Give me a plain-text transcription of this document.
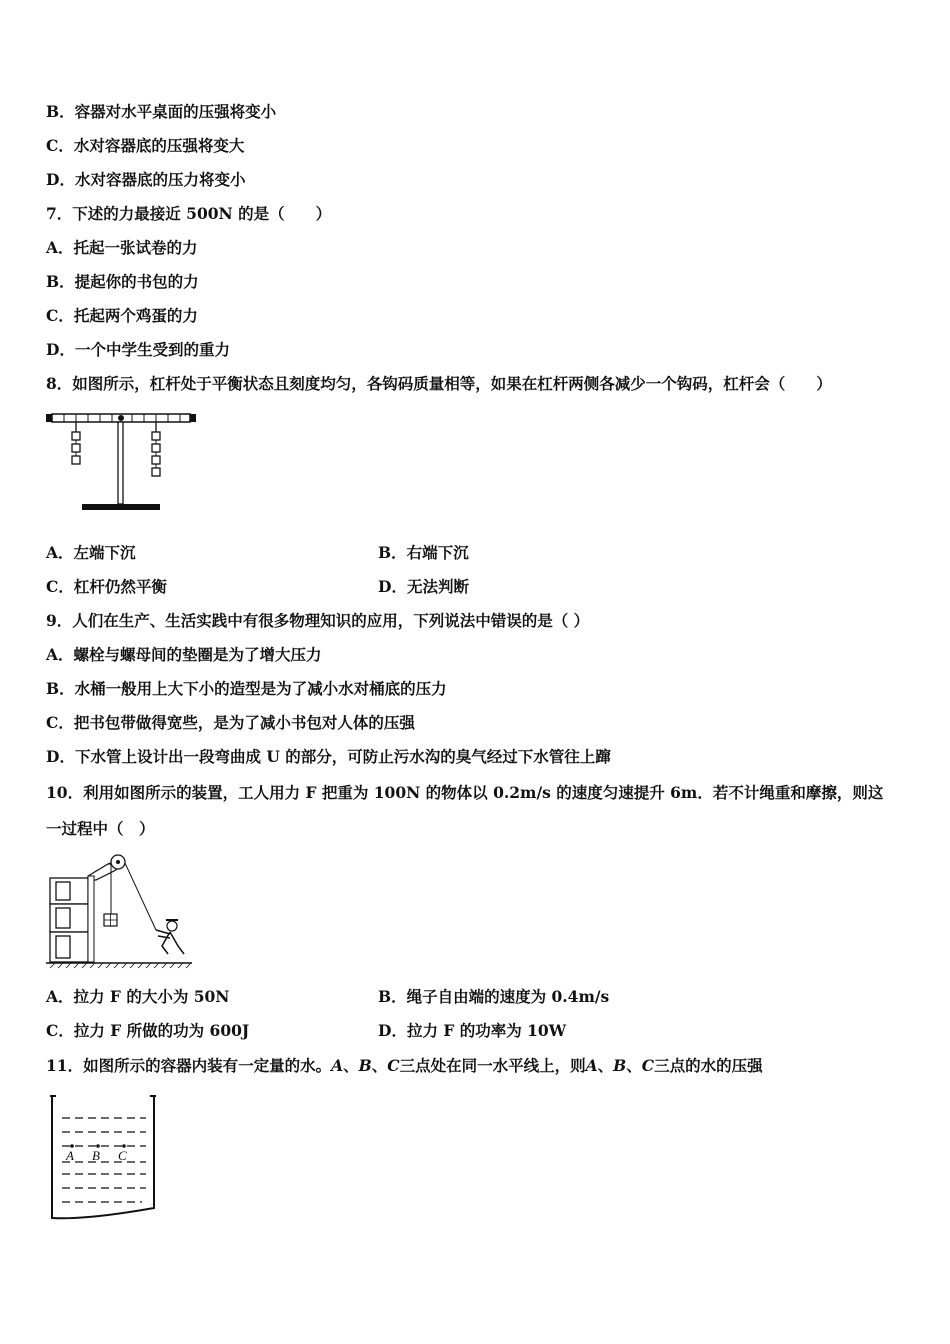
B．容器对水平桌面的压强将变小
C．水对容器底的压强将变大
D．水对容器底的压力将变小
7．下述的力最接近 500N 的是（　　）
A．托起一张试卷的力
B．提起你的书包的力
C．托起两个鸡蛋的力
D．一个中学生受到的重力
8．如图所示，杠杆处于平衡状态且刻度均匀，各钩码质量相等，如果在杠杆两侧各减少一个钩码，杠杆会（　　）
A．左端下沉	B．右端下沉
C．杠杆仍然平衡	D．无法判断
9．人们在生产、生活实践中有很多物理知识的应用，下列说法中错误的是（ ）
A．螺栓与螺母间的垫圈是为了增大压力
B．水桶一般用上大下小的造型是为了减小水对桶底的压力
C．把书包带做得宽些，是为了减小书包对人体的压强
D．下水管上设计出一段弯曲成 U 的部分，可防止污水沟的臭气经过下水管往上蹿
10．利用如图所示的装置，工人用力 F 把重为 100N 的物体以 0.2m/s 的速度匀速提升 6m．若不计绳重和摩擦，则这
一过程中（　）
A．拉力 F 的大小为 50N	B．绳子自由端的速度为 0.4m/s
C．拉力 F 所做的功为 600J	D．拉力 F 的功率为 10W
11．如图所示的容器内装有一定量的水。A、B、C三点处在同一水平线上，则A、B、C三点的水的压强
A B C
